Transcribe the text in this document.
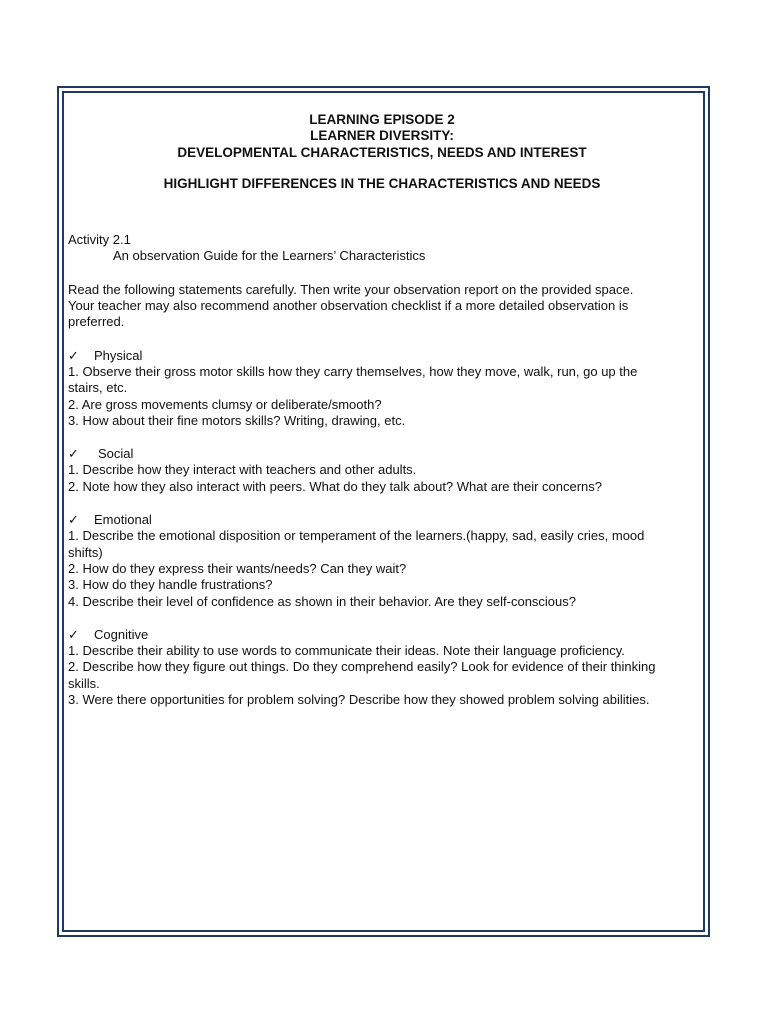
LEARNING EPISODE 2
LEARNER DIVERSITY:
DEVELOPMENTAL CHARACTERISTICS, NEEDS AND INTEREST
HIGHLIGHT DIFFERENCES IN THE CHARACTERISTICS AND NEEDS
Activity 2.1
An observation Guide for the Learners’ Characteristics
Read the following statements carefully. Then write your observation report on the provided space.
Your teacher may also recommend another observation checklist if a more detailed observation is
preferred.
✓	Physical
1. Observe their gross motor skills how they carry themselves, how they move, walk, run, go up the
stairs, etc.
2. Are gross movements clumsy or deliberate/smooth?
3. How about their fine motors skills? Writing, drawing, etc.
✓	Social
1. Describe how they interact with teachers and other adults.
2. Note how they also interact with peers. What do they talk about? What are their concerns?
✓	Emotional
1. Describe the emotional disposition or temperament of the learners.(happy, sad, easily cries, mood
shifts)
2. How do they express their wants/needs? Can they wait?
3. How do they handle frustrations?
4. Describe their level of confidence as shown in their behavior. Are they self-conscious?
✓	Cognitive
1. Describe their ability to use words to communicate their ideas. Note their language proficiency.
2. Describe how they figure out things. Do they comprehend easily? Look for evidence of their thinking
skills.
3. Were there opportunities for problem solving? Describe how they showed problem solving abilities.
